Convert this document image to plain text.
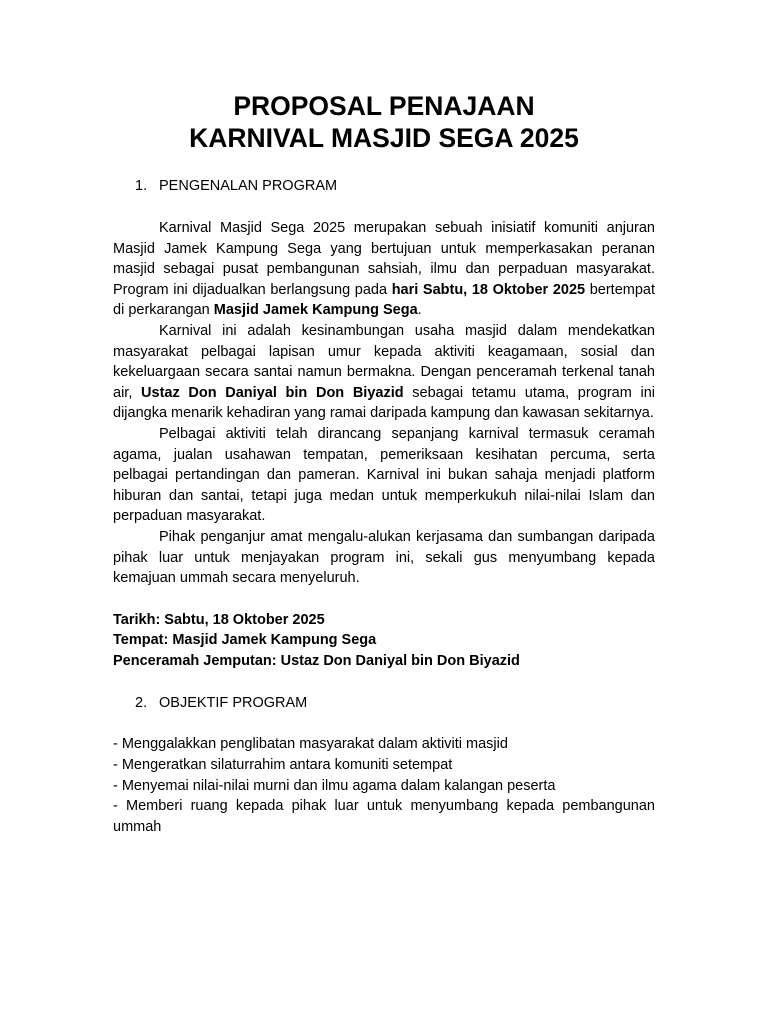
PROPOSAL PENAJAAN
KARNIVAL MASJID SEGA 2025
1. PENGENALAN PROGRAM

Karnival Masjid Sega 2025 merupakan sebuah inisiatif komuniti anjuran Masjid Jamek Kampung Sega yang bertujuan untuk memperkasakan peranan masjid sebagai pusat pembangunan sahsiah, ilmu dan perpaduan masyarakat. Program ini dijadualkan berlangsung pada hari Sabtu, 18 Oktober 2025 bertempat di perkarangan Masjid Jamek Kampung Sega.

Karnival ini adalah kesinambungan usaha masjid dalam mendekatkan masyarakat pelbagai lapisan umur kepada aktiviti keagamaan, sosial dan kekeluargaan secara santai namun bermakna. Dengan penceramah terkenal tanah air, Ustaz Don Daniyal bin Don Biyazid sebagai tetamu utama, program ini dijangka menarik kehadiran yang ramai daripada kampung dan kawasan sekitarnya.

Pelbagai aktiviti telah dirancang sepanjang karnival termasuk ceramah agama, jualan usahawan tempatan, pemeriksaan kesihatan percuma, serta pelbagai pertandingan dan pameran. Karnival ini bukan sahaja menjadi platform hiburan dan santai, tetapi juga medan untuk memperkukuh nilai-nilai Islam dan perpaduan masyarakat.

Pihak penganjur amat mengalu-alukan kerjasama dan sumbangan daripada pihak luar untuk menjayakan program ini, sekali gus menyumbang kepada kemajuan ummah secara menyeluruh.

Tarikh: Sabtu, 18 Oktober 2025
Tempat: Masjid Jamek Kampung Sega
Penceramah Jemputan: Ustaz Don Daniyal bin Don Biyazid
2. OBJEKTIF PROGRAM
- Menggalakkan penglibatan masyarakat dalam aktiviti masjid
- Mengeratkan silaturrahim antara komuniti setempat
- Menyemai nilai-nilai murni dan ilmu agama dalam kalangan peserta
- Memberi ruang kepada pihak luar untuk menyumbang kepada pembangunan ummah
